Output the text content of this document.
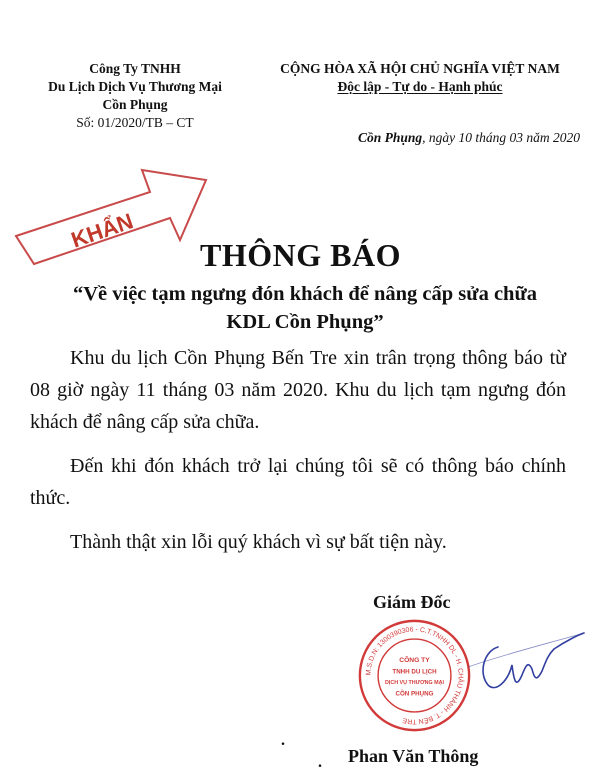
Công Ty TNHH
Du Lịch Dịch Vụ Thương Mại
Cồn Phụng
Số: 01/2020/TB – CT
CỘNG HÒA XÃ HỘI CHỦ NGHĨA VIỆT NAM
Độc lập - Tự do - Hạnh phúc
Cồn Phụng, ngày 10 tháng 03 năm 2020
KHẨN
THÔNG BÁO
“Về việc tạm ngưng đón khách để nâng cấp sửa chữa
KDL Cồn Phụng”

Khu du lịch Cồn Phụng Bến Tre xin trân trọng thông báo từ 08 giờ ngày 11 tháng 03 năm 2020. Khu du lịch tạm ngưng đón khách để nâng cấp sửa chữa.

Đến khi đón khách trở lại chúng tôi sẽ có thông báo chính thức.

Thành thật xin lỗi quý khách vì sự bất tiện này.

Giám Đốc
M.S.D.N: 1300390306 - C.T.TNHH DL - H. CHÂU THÀNH - T. BẾN TRE
CÔNG TY
TNHH DU LỊCH
DỊCH VỤ THƯƠNG MẠI
CỒN PHỤNG
.
.
Phan Văn Thông
